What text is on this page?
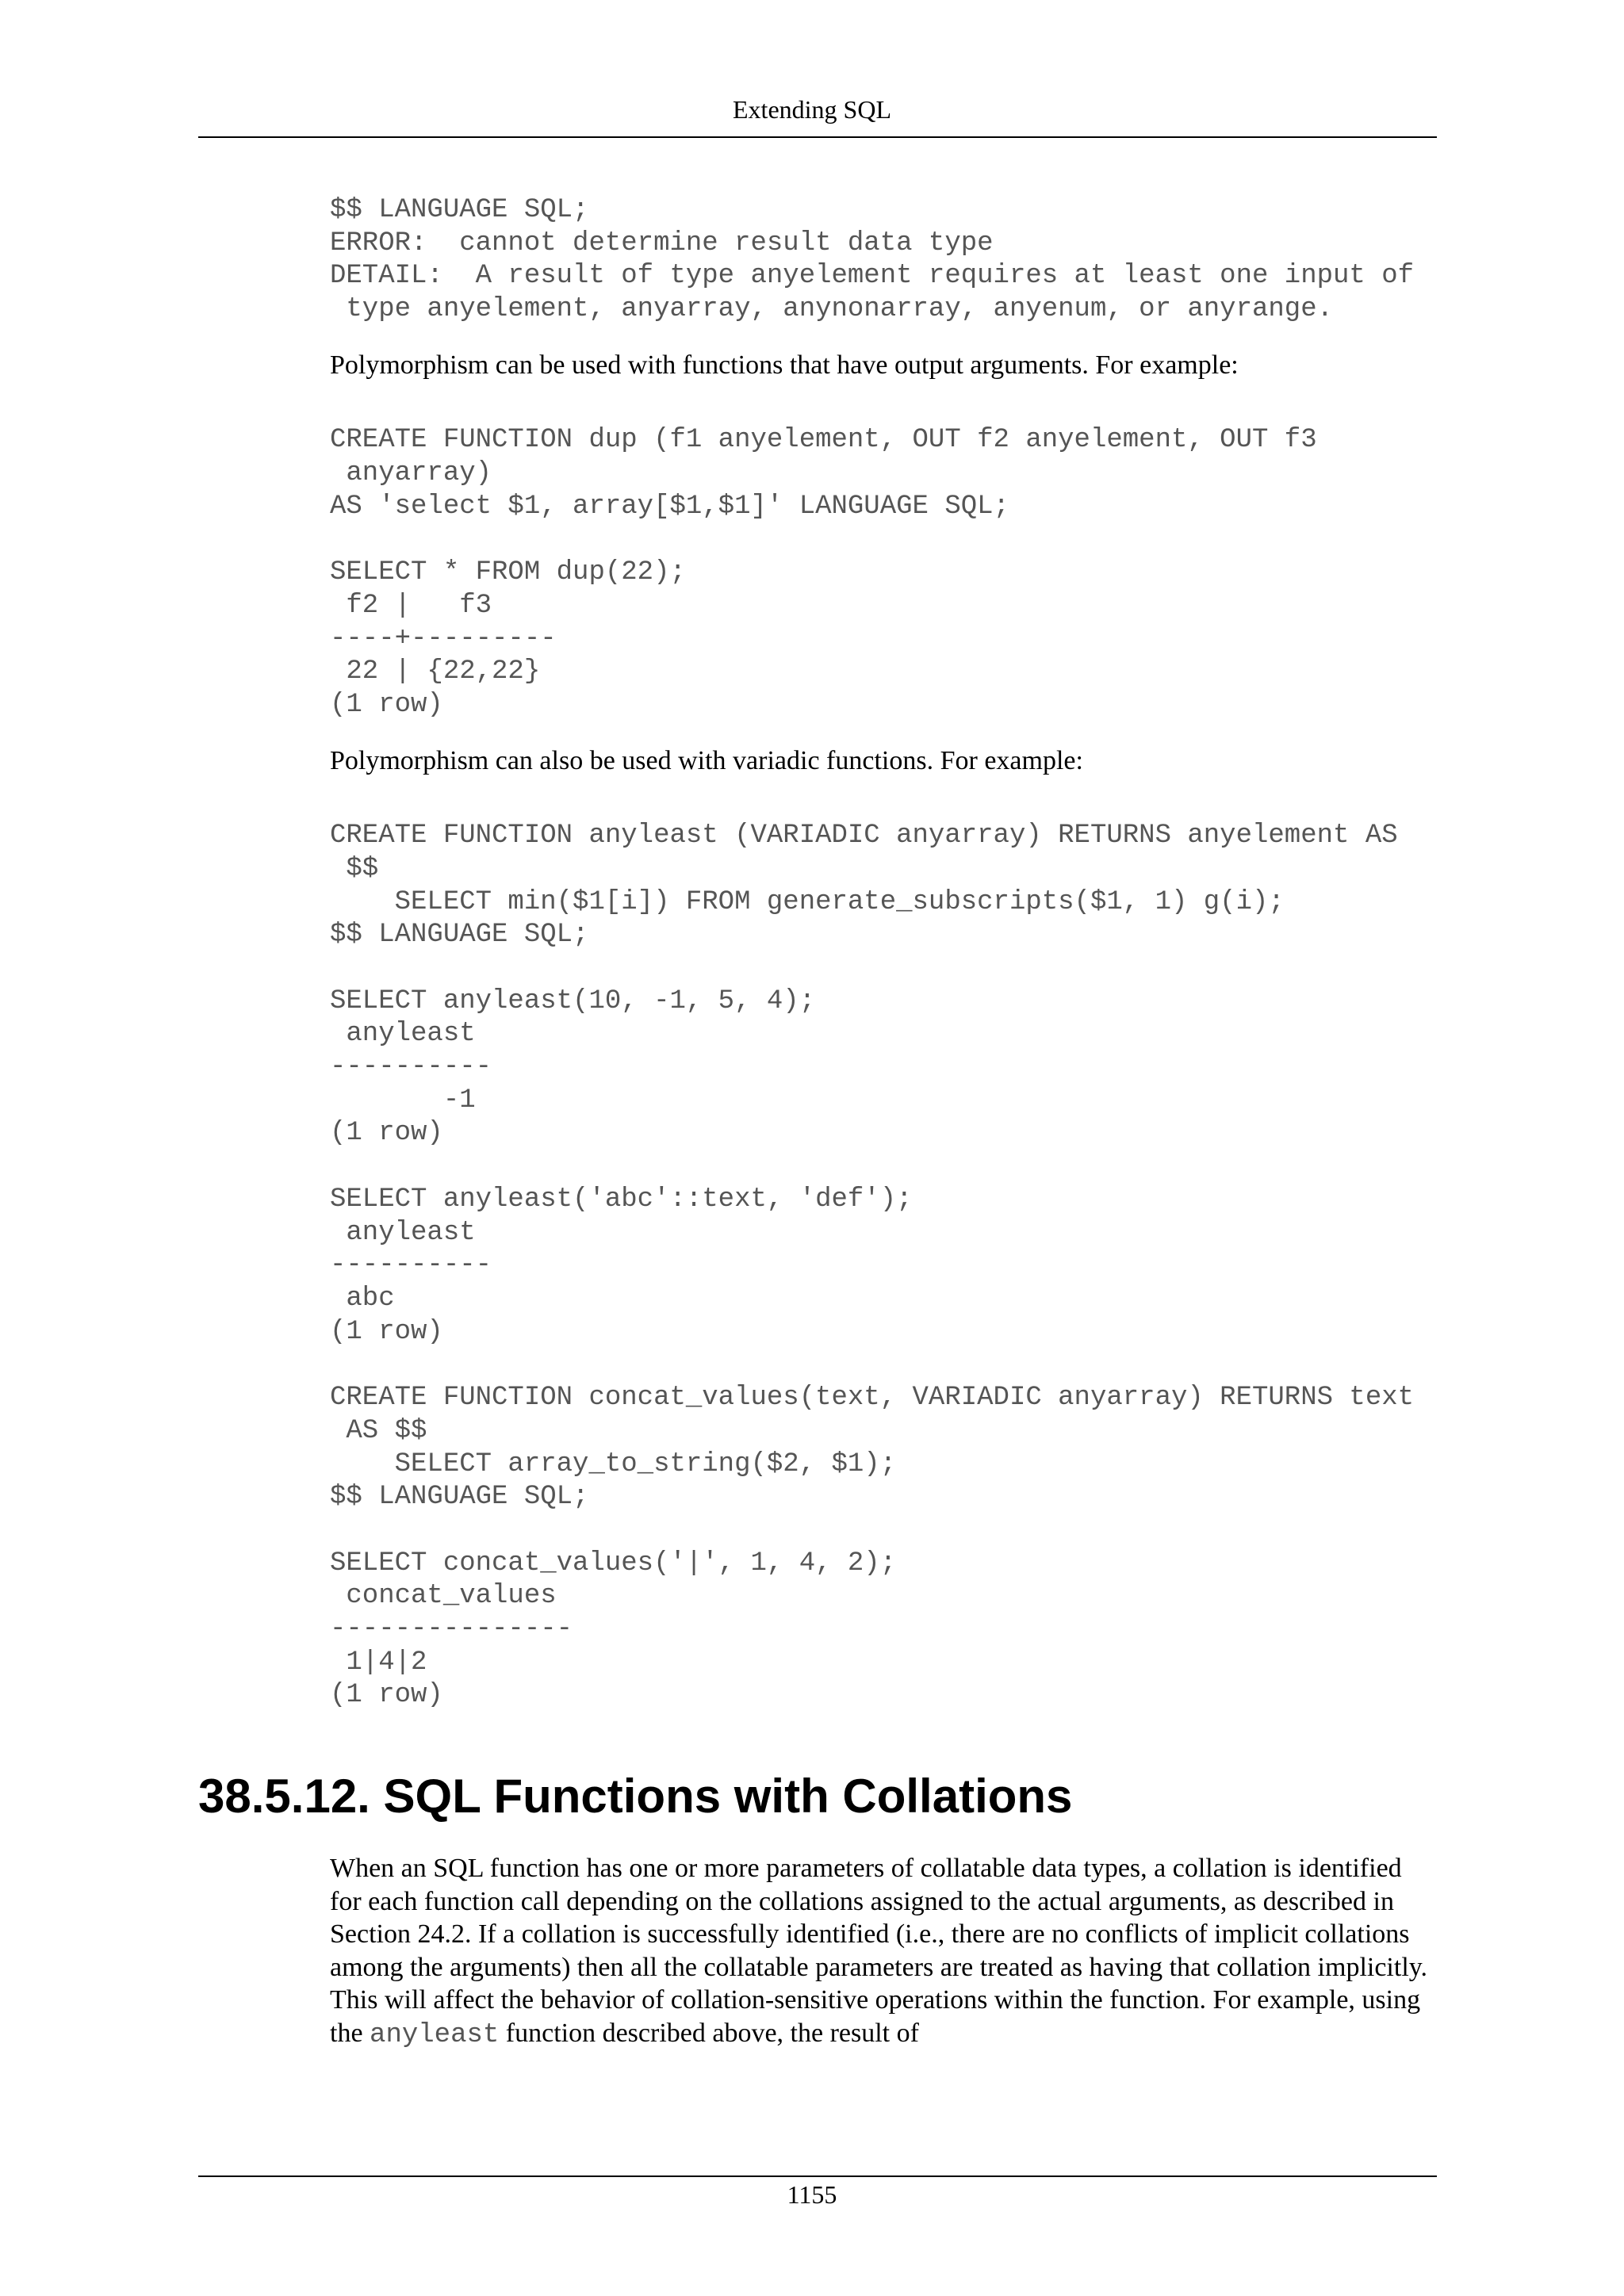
Extending SQL
$$ LANGUAGE SQL;
ERROR:  cannot determine result data type
DETAIL:  A result of type anyelement requires at least one input of
type anyelement, anyarray, anynonarray, anyenum, or anyrange.

Polymorphism can be used with functions that have output arguments. For example:

CREATE FUNCTION dup (f1 anyelement, OUT f2 anyelement, OUT f3
anyarray)
AS 'select $1, array[$1,$1]' LANGUAGE SQL;

SELECT * FROM dup(22);
f2 |   f3
----+---------
22 | {22,22}
(1 row)

Polymorphism can also be used with variadic functions. For example:

CREATE FUNCTION anyleast (VARIADIC anyarray) RETURNS anyelement AS
$$
SELECT min($1[i]) FROM generate_subscripts($1, 1) g(i);
$$ LANGUAGE SQL;

SELECT anyleast(10, -1, 5, 4);
anyleast
----------
-1
(1 row)

SELECT anyleast('abc'::text, 'def');
anyleast
----------
abc
(1 row)

CREATE FUNCTION concat_values(text, VARIADIC anyarray) RETURNS text
AS $$
SELECT array_to_string($2, $1);
$$ LANGUAGE SQL;

SELECT concat_values('|', 1, 4, 2);
concat_values
---------------
1|4|2
(1 row)
38.5.12. SQL Functions with Collations

When an SQL function has one or more parameters of collatable data types, a collation is identified for each function call depending on the collations assigned to the actual arguments, as described in Section 24.2. If a collation is successfully identified (i.e., there are no conflicts of implicit collations among the arguments) then all the collatable parameters are treated as having that collation implicitly. This will affect the behavior of collation-sensitive operations within the function. For example, using the anyleast function described above, the result of

1155
